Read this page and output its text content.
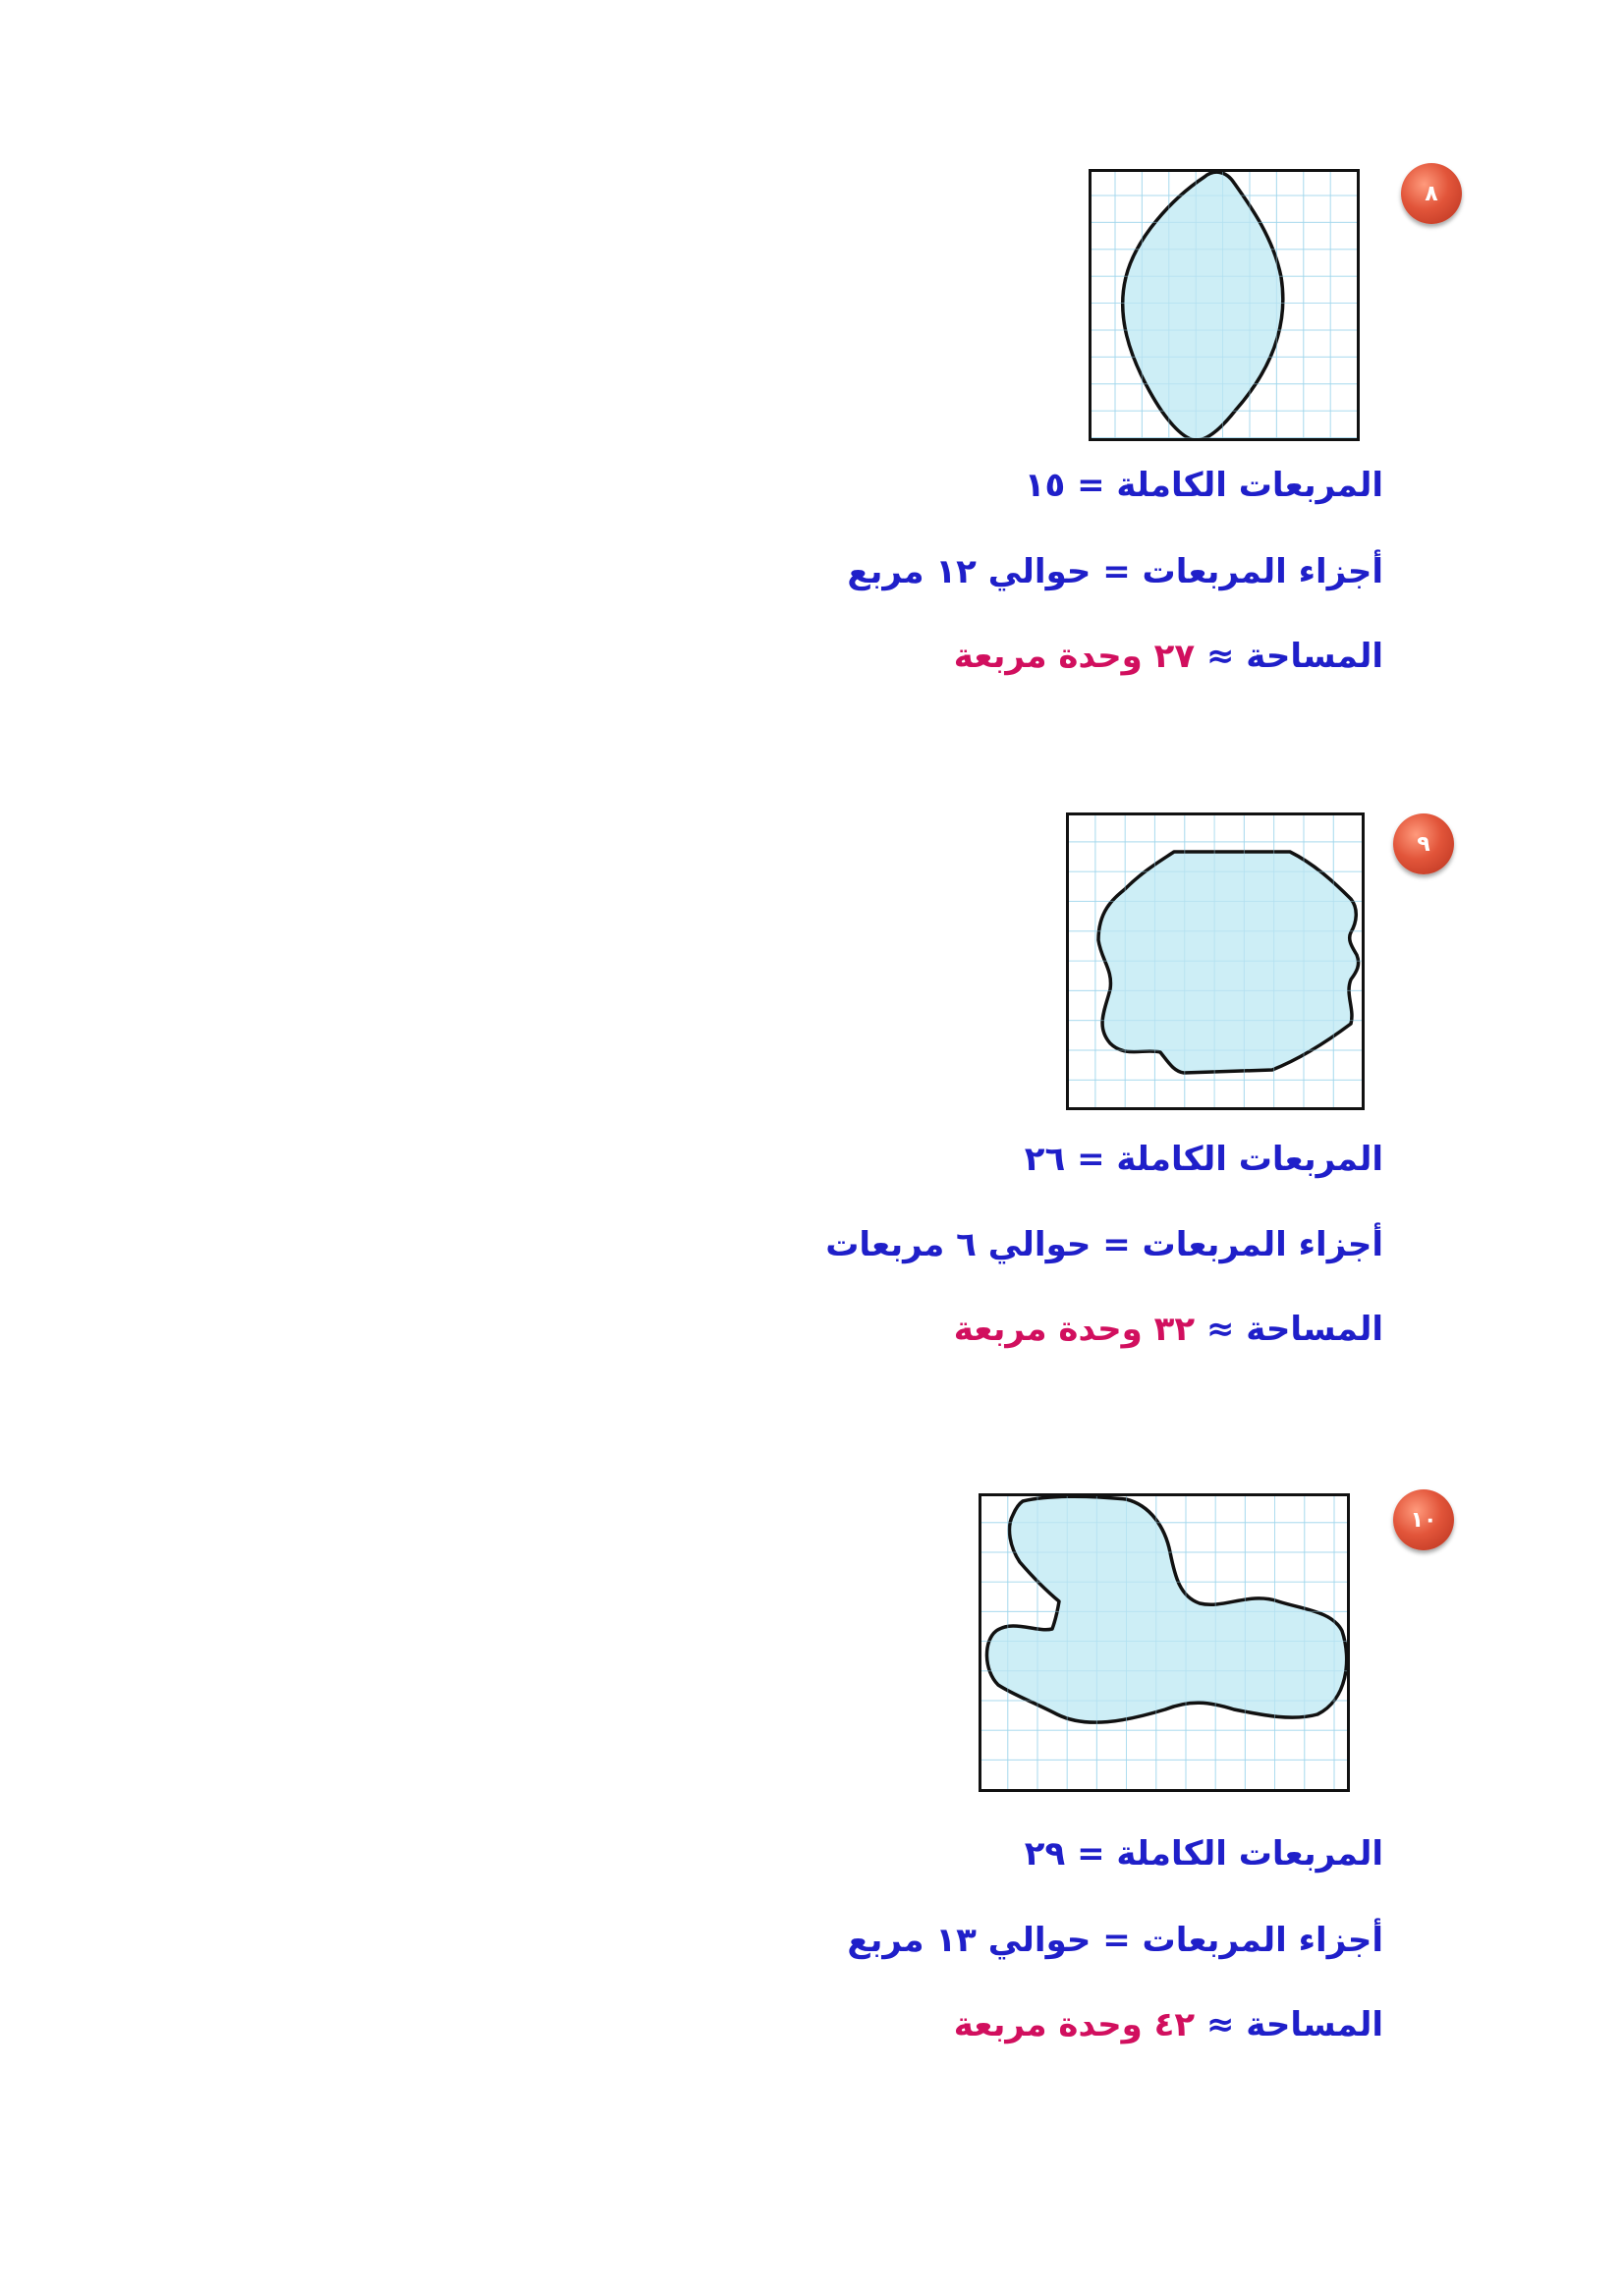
٨
المربعات الكاملة = ١٥
أجزاء المربعات = حوالي ١٢ مربع
المساحة ≈ ٢٧ وحدة مربعة
٩
المربعات الكاملة = ٢٦
أجزاء المربعات = حوالي ٦ مربعات
المساحة ≈ ٣٢ وحدة مربعة
١٠
المربعات الكاملة = ٢٩
أجزاء المربعات = حوالي ١٣ مربع
المساحة ≈ ٤٢ وحدة مربعة
